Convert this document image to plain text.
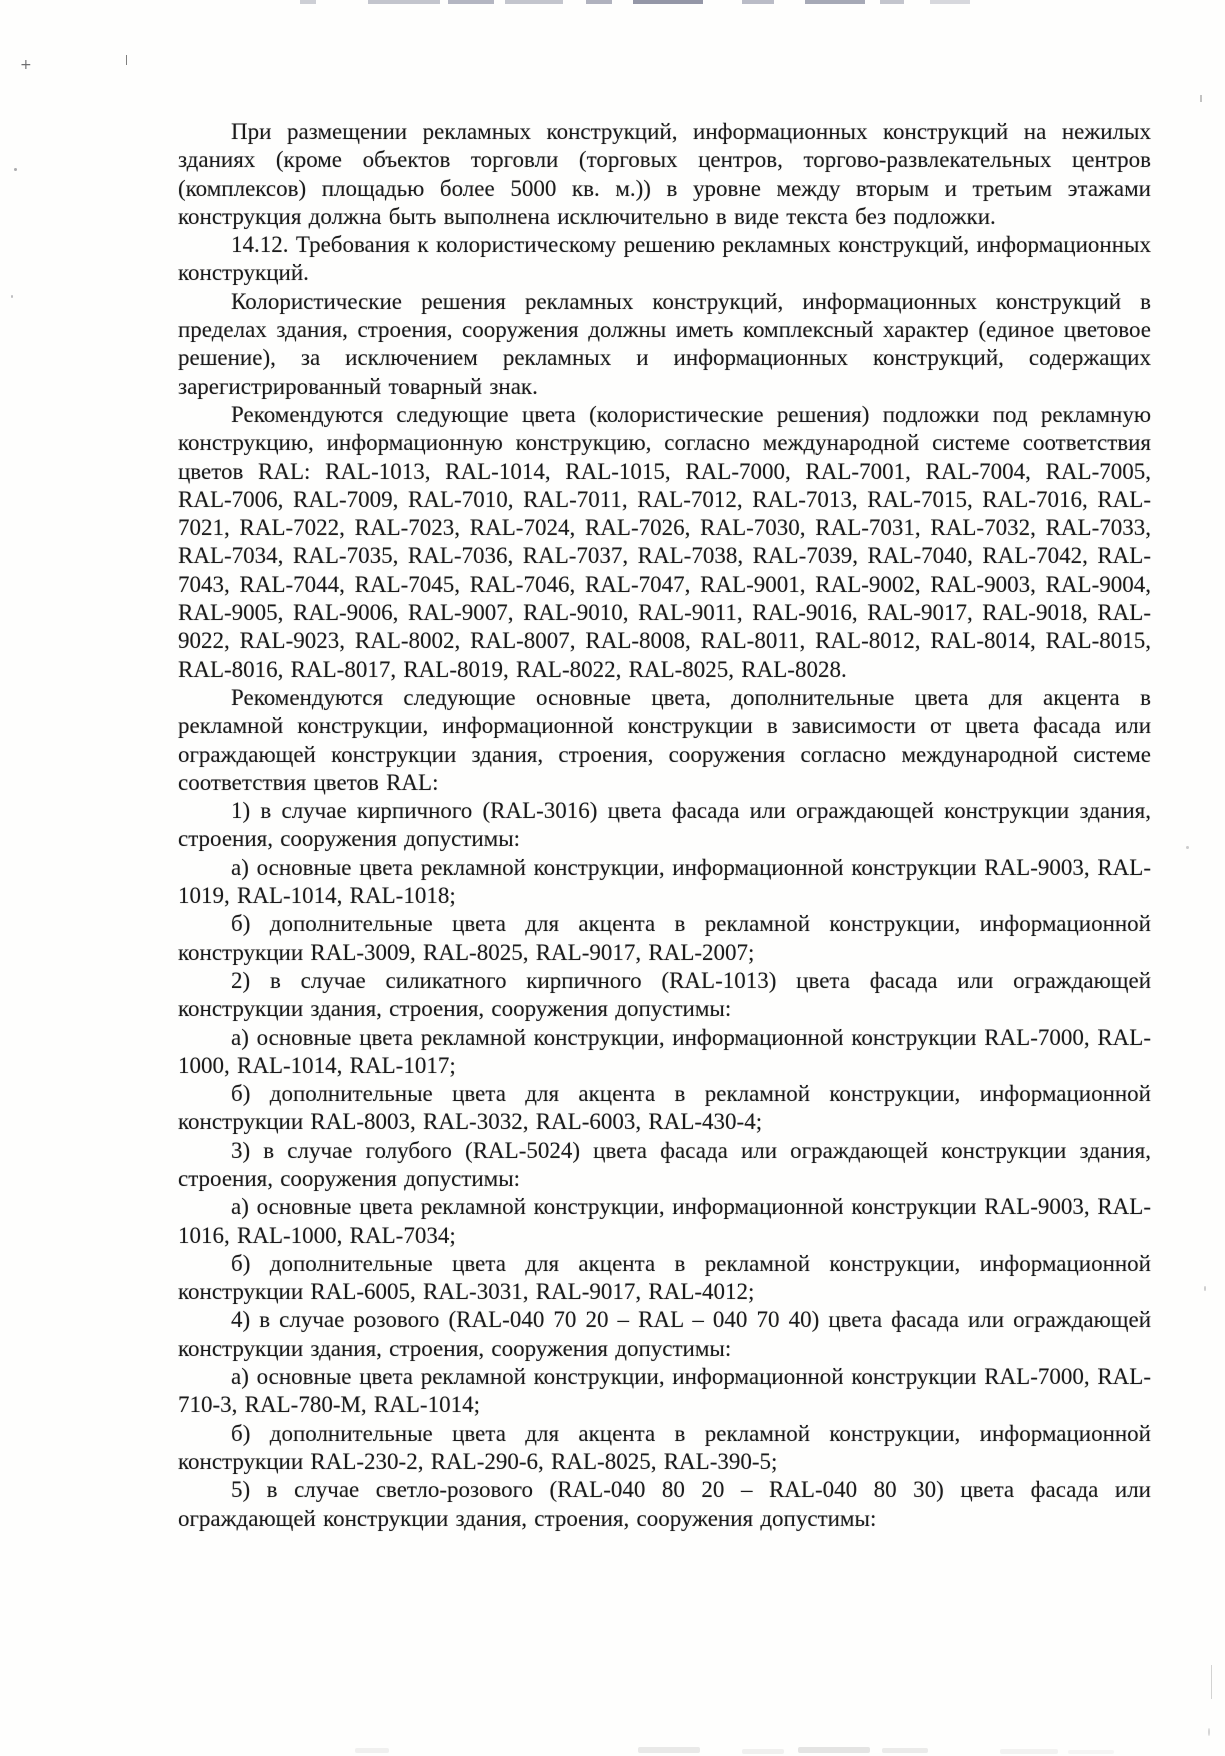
+

При размещении рекламных конструкций, информационных конструкций на нежилых зданиях (кроме объектов торговли (торговых центров, торгово-развлекательных центров (комплексов) площадью более 5000 кв. м.)) в уровне между вторым и третьим этажами конструкция должна быть выполнена исключительно в виде текста без подложки.

14.12. Требования к колористическому решению рекламных конструкций, информационных конструкций.

Колористические решения рекламных конструкций, информационных конструкций в пределах здания, строения, сооружения должны иметь комплексный характер (единое цветовое решение), за исключением рекламных и информационных конструкций, содержащих зарегистрированный товарный знак.

Рекомендуются следующие цвета (колористические решения) подложки под рекламную конструкцию, информационную конструкцию, согласно международной системе соответствия цветов RAL: RAL-1013, RAL-1014, RAL-1015, RAL-7000, RAL-7001, RAL-7004, RAL-7005, RAL-7006, RAL-7009, RAL-7010, RAL-7011, RAL-7012, RAL-7013, RAL-7015, RAL-7016, RAL-7021, RAL-7022, RAL-7023, RAL-7024, RAL-7026, RAL-7030, RAL-7031, RAL-7032, RAL-7033, RAL-7034, RAL-7035, RAL-7036, RAL-7037, RAL-7038, RAL-7039, RAL-7040, RAL-7042, RAL-7043, RAL-7044, RAL-7045, RAL-7046, RAL-7047, RAL-9001, RAL-9002, RAL-9003, RAL-9004, RAL-9005, RAL-9006, RAL-9007, RAL-9010, RAL-9011, RAL-9016, RAL-9017, RAL-9018, RAL-9022, RAL-9023, RAL-8002, RAL-8007, RAL-8008, RAL-8011, RAL-8012, RAL-8014, RAL-8015, RAL-8016, RAL-8017, RAL-8019, RAL-8022, RAL-8025, RAL-8028.

Рекомендуются следующие основные цвета, дополнительные цвета для акцента в рекламной конструкции, информационной конструкции в зависимости от цвета фасада или ограждающей конструкции здания, строения, сооружения согласно международной системе соответствия цветов RAL:

1) в случае кирпичного (RAL-3016) цвета фасада или ограждающей конструкции здания, строения, сооружения допустимы:

а) основные цвета рекламной конструкции, информационной конструкции RAL-9003, RAL-1019, RAL-1014, RAL-1018;

б) дополнительные цвета для акцента в рекламной конструкции, информационной конструкции RAL-3009, RAL-8025, RAL-9017, RAL-2007;

2) в случае силикатного кирпичного (RAL-1013) цвета фасада или ограждающей конструкции здания, строения, сооружения допустимы:

а) основные цвета рекламной конструкции, информационной конструкции RAL-7000, RAL-1000, RAL-1014, RAL-1017;

б) дополнительные цвета для акцента в рекламной конструкции, информационной конструкции RAL-8003, RAL-3032, RAL-6003, RAL-430-4;

3) в случае голубого (RAL-5024) цвета фасада или ограждающей конструкции здания, строения, сооружения допустимы:

а) основные цвета рекламной конструкции, информационной конструкции RAL-9003, RAL-1016, RAL-1000, RAL-7034;

б) дополнительные цвета для акцента в рекламной конструкции, информационной конструкции RAL-6005, RAL-3031, RAL-9017, RAL-4012;

4) в случае розового (RAL-040 70 20 – RAL – 040 70 40) цвета фасада или ограждающей конструкции здания, строения, сооружения допустимы:

а) основные цвета рекламной конструкции, информационной конструкции RAL-7000, RAL-710-3, RAL-780-M, RAL-1014;

б) дополнительные цвета для акцента в рекламной конструкции, информационной конструкции RAL-230-2, RAL-290-6, RAL-8025, RAL-390-5;

5) в случае светло-розового (RAL-040 80 20 – RAL-040 80 30) цвета фасада или ограждающей конструкции здания, строения, сооружения допустимы:
